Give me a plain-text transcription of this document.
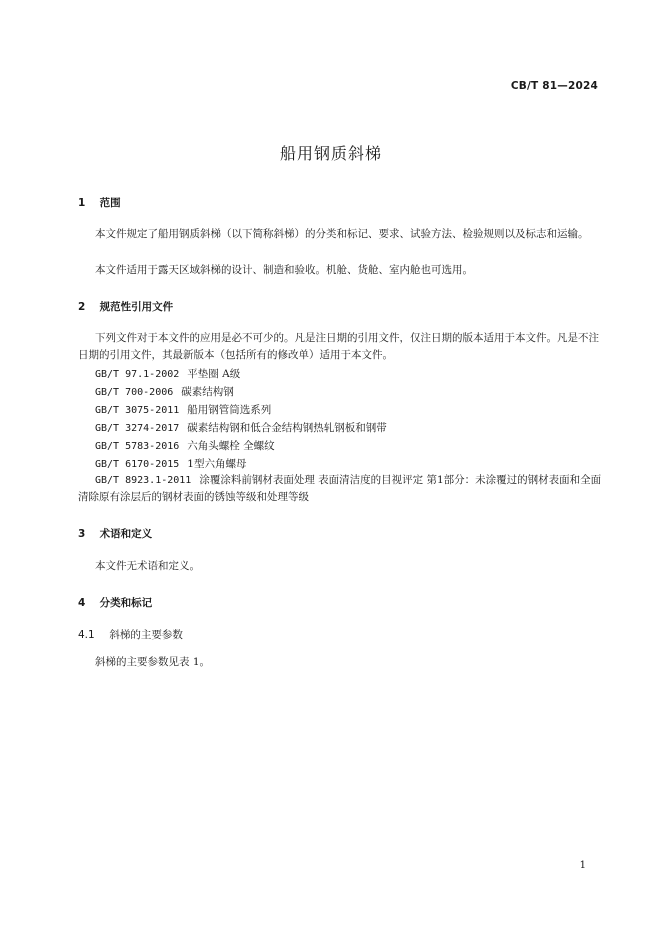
CB/T 81—2024
船用钢质斜梯
1 范围
本文件规定了船用钢质斜梯（以下简称斜梯）的分类和标记、要求、试验方法、检验规则以及标志和运输。
本文件适用于露天区域斜梯的设计、制造和验收。机舱、货舱、室内舱也可选用。
2 规范性引用文件
下列文件对于本文件的应用是必不可少的。凡是注日期的引用文件，仅注日期的版本适用于本文件。凡是不注日期的引用文件，其最新版本（包括所有的修改单）适用于本文件。
GB/T 97.1-2002 平垫圈 A级
GB/T 700-2006 碳素结构钢
GB/T 3075-2011 船用钢管筒选系列
GB/T 3274-2017 碳素结构钢和低合金结构钢热轧钢板和钢带
GB/T 5783-2016 六角头螺栓 全螺纹
GB/T 6170-2015 1型六角螺母
GB/T 8923.1-2011 涂覆涂料前钢材表面处理 表面清洁度的目视评定 第1部分：未涂覆过的钢材表面和全面清除原有涂层后的钢材表面的锈蚀等级和处理等级
3 术语和定义
本文件无术语和定义。
4 分类和标记
4.1 斜梯的主要参数
斜梯的主要参数见表 1。
1
